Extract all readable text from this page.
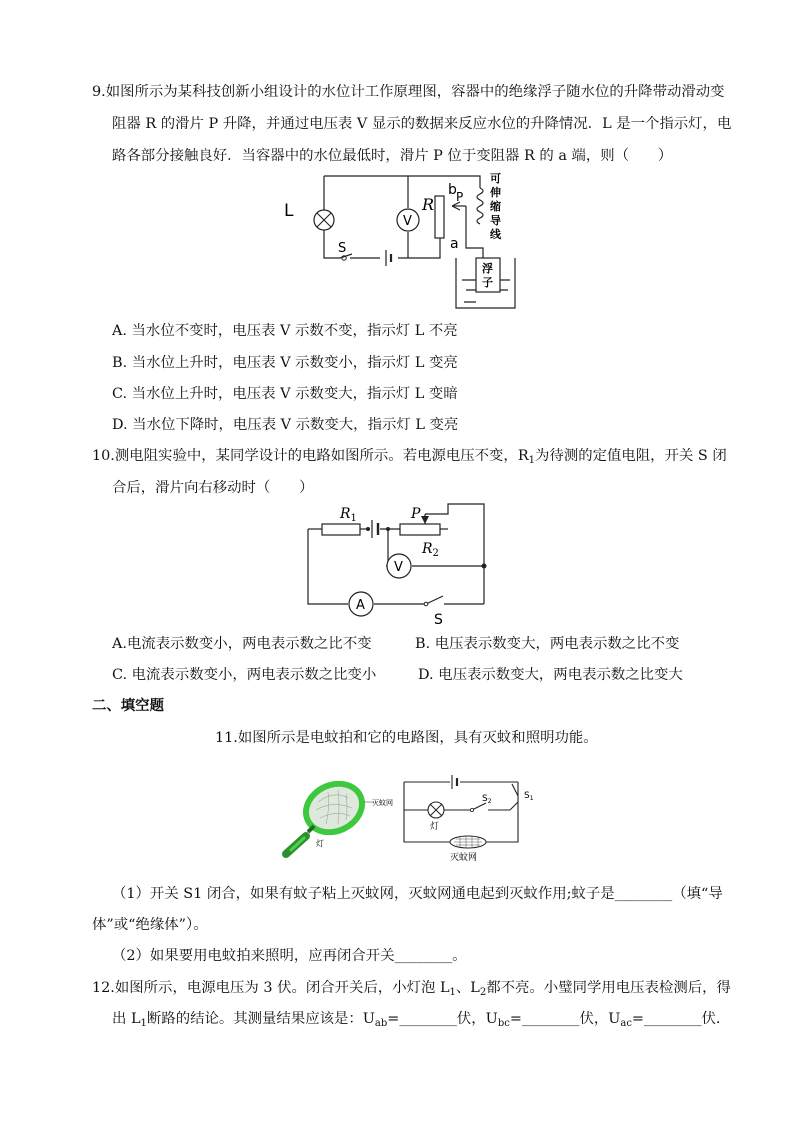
9.如图所示为某科技创新小组设计的水位计工作原理图，容器中的绝缘浮子随水位的升降带动滑动变
阻器 R 的滑片 P 升降，并通过电压表 V 显示的数据来反应水位的升降情况．L 是一个指示灯，电
路各部分接触良好．当容器中的水位最低时，滑片 P 位于变阻器 R 的 a 端，则（　　）
L
V
S
R
b P
a
可
伸
缩
导
线
浮
子
A. 当水位不变时，电压表 V 示数不变，指示灯 L 不亮
B. 当水位上升时，电压表 V 示数变小，指示灯 L 变亮
C. 当水位上升时，电压表 V 示数变大，指示灯 L 变暗
D. 当水位下降时，电压表 V 示数变大，指示灯 L 变亮
10.测电阻实验中，某同学设计的电路如图所示。若电源电压不变，$R_1$为待测的定值电阻，开关 S 闭
合后，滑片向右移动时（　　）
$R_1$	P
$R_2$
V
A
S
A.电流表示数变小，两电表示数之比不变	B. 电压表示数变大，两电表示数之比不变
C. 电流表示数变小，两电表示数之比变小	D. 电压表示数变大，两电表示数之比变大
二、填空题
11.如图所示是电蚊拍和它的电路图，具有灭蚊和照明功能。
灭蚊网
灯
$S_2$
$S_1$
灯
灭蚊网
（1）开关 S1 闭合，如果有蚊子粘上灭蚊网，灭蚊网通电起到灭蚊作用;蚊子是________（填“导
体”或“绝缘体”）。
（2）如果要用电蚊拍来照明，应再闭合开关________。
12.如图所示，电源电压为 3 伏。闭合开关后，小灯泡 $L_1$、$L_2$都不亮。小璧同学用电压表检测后，得
出 $L_1$断路的结论。其测量结果应该是：$U_{ab}=\_\_\_\_\_\_\_\_$伏，$U_{bc}=\_\_\_\_\_\_\_\_$伏，$U_{ac}=\_\_\_\_\_\_\_\_$伏.
